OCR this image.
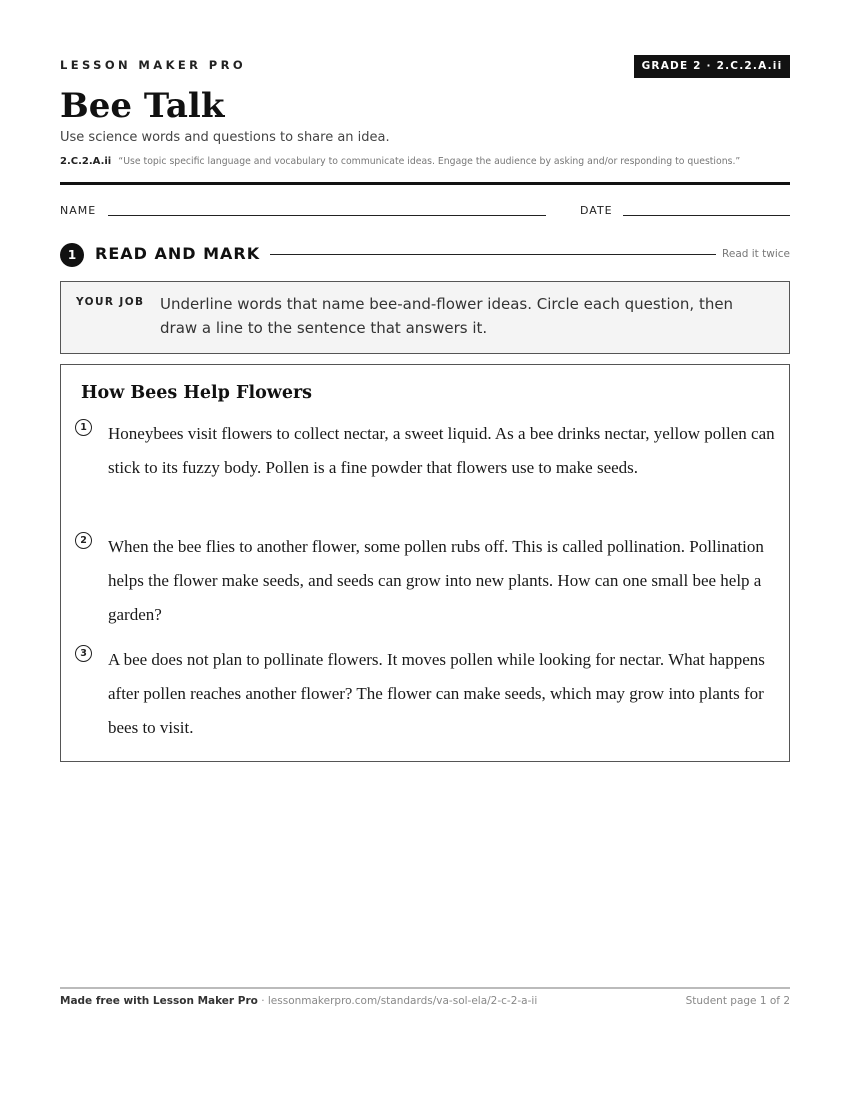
LESSON MAKER PRO	GRADE 2 · 2.C.2.A.ii
Bee Talk
Use science words and questions to share an idea.
2.C.2.A.ii “Use topic specific language and vocabulary to communicate ideas. Engage the audience by asking and/or responding to questions.”
NAME	DATE
1	READ AND MARK	Read it twice
YOUR JOB Underline words that name bee-and-flower ideas. Circle each question, then draw a line to the sentence that answers it.

How Bees Help Flowers
1	Honeybees visit flowers to collect nectar, a sweet liquid. As a bee drinks nectar, yellow pollen can stick to its fuzzy body. Pollen is a fine powder that flowers use to make seeds.

2	When the bee flies to another flower, some pollen rubs off. This is called pollination. Pollination helps the flower make seeds, and seeds can grow into new plants. How can one small bee help a garden?

3	A bee does not plan to pollinate flowers. It moves pollen while looking for nectar. What happens after pollen reaches another flower? The flower can make seeds, which may grow into plants for bees to visit.

Made free with Lesson Maker Pro · lessonmakerpro.com/standards/va-sol-ela/2-c-2-a-ii	Student page 1 of 2
